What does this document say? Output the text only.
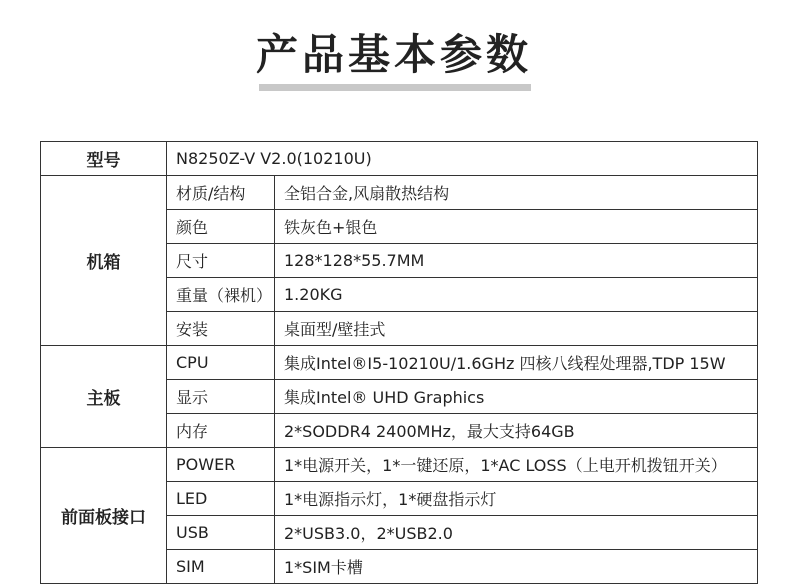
产品基本参数
型号	N8250Z-V V2.0(10210U)	
机箱	材质/结构	全铝合金,风扇散热结构
	颜色	铁灰色+银色
	尺寸	128*128*55.7MM
	重量（裸机）	1.20KG
	安装	桌面型/壁挂式
主板	CPU	集成Intel®I5-10210U/1.6GHz 四核八线程处理器,TDP 15W
	显示	集成Intel® UHD Graphics
	内存	2*SODDR4 2400MHz，最大支持64GB
前面板接口	POWER	1*电源开关，1*一键还原，1*AC LOSS（上电开机拨钮开关）
	LED	1*电源指示灯，1*硬盘指示灯
	USB	2*USB3.0，2*USB2.0
	SIM	1*SIM卡槽
